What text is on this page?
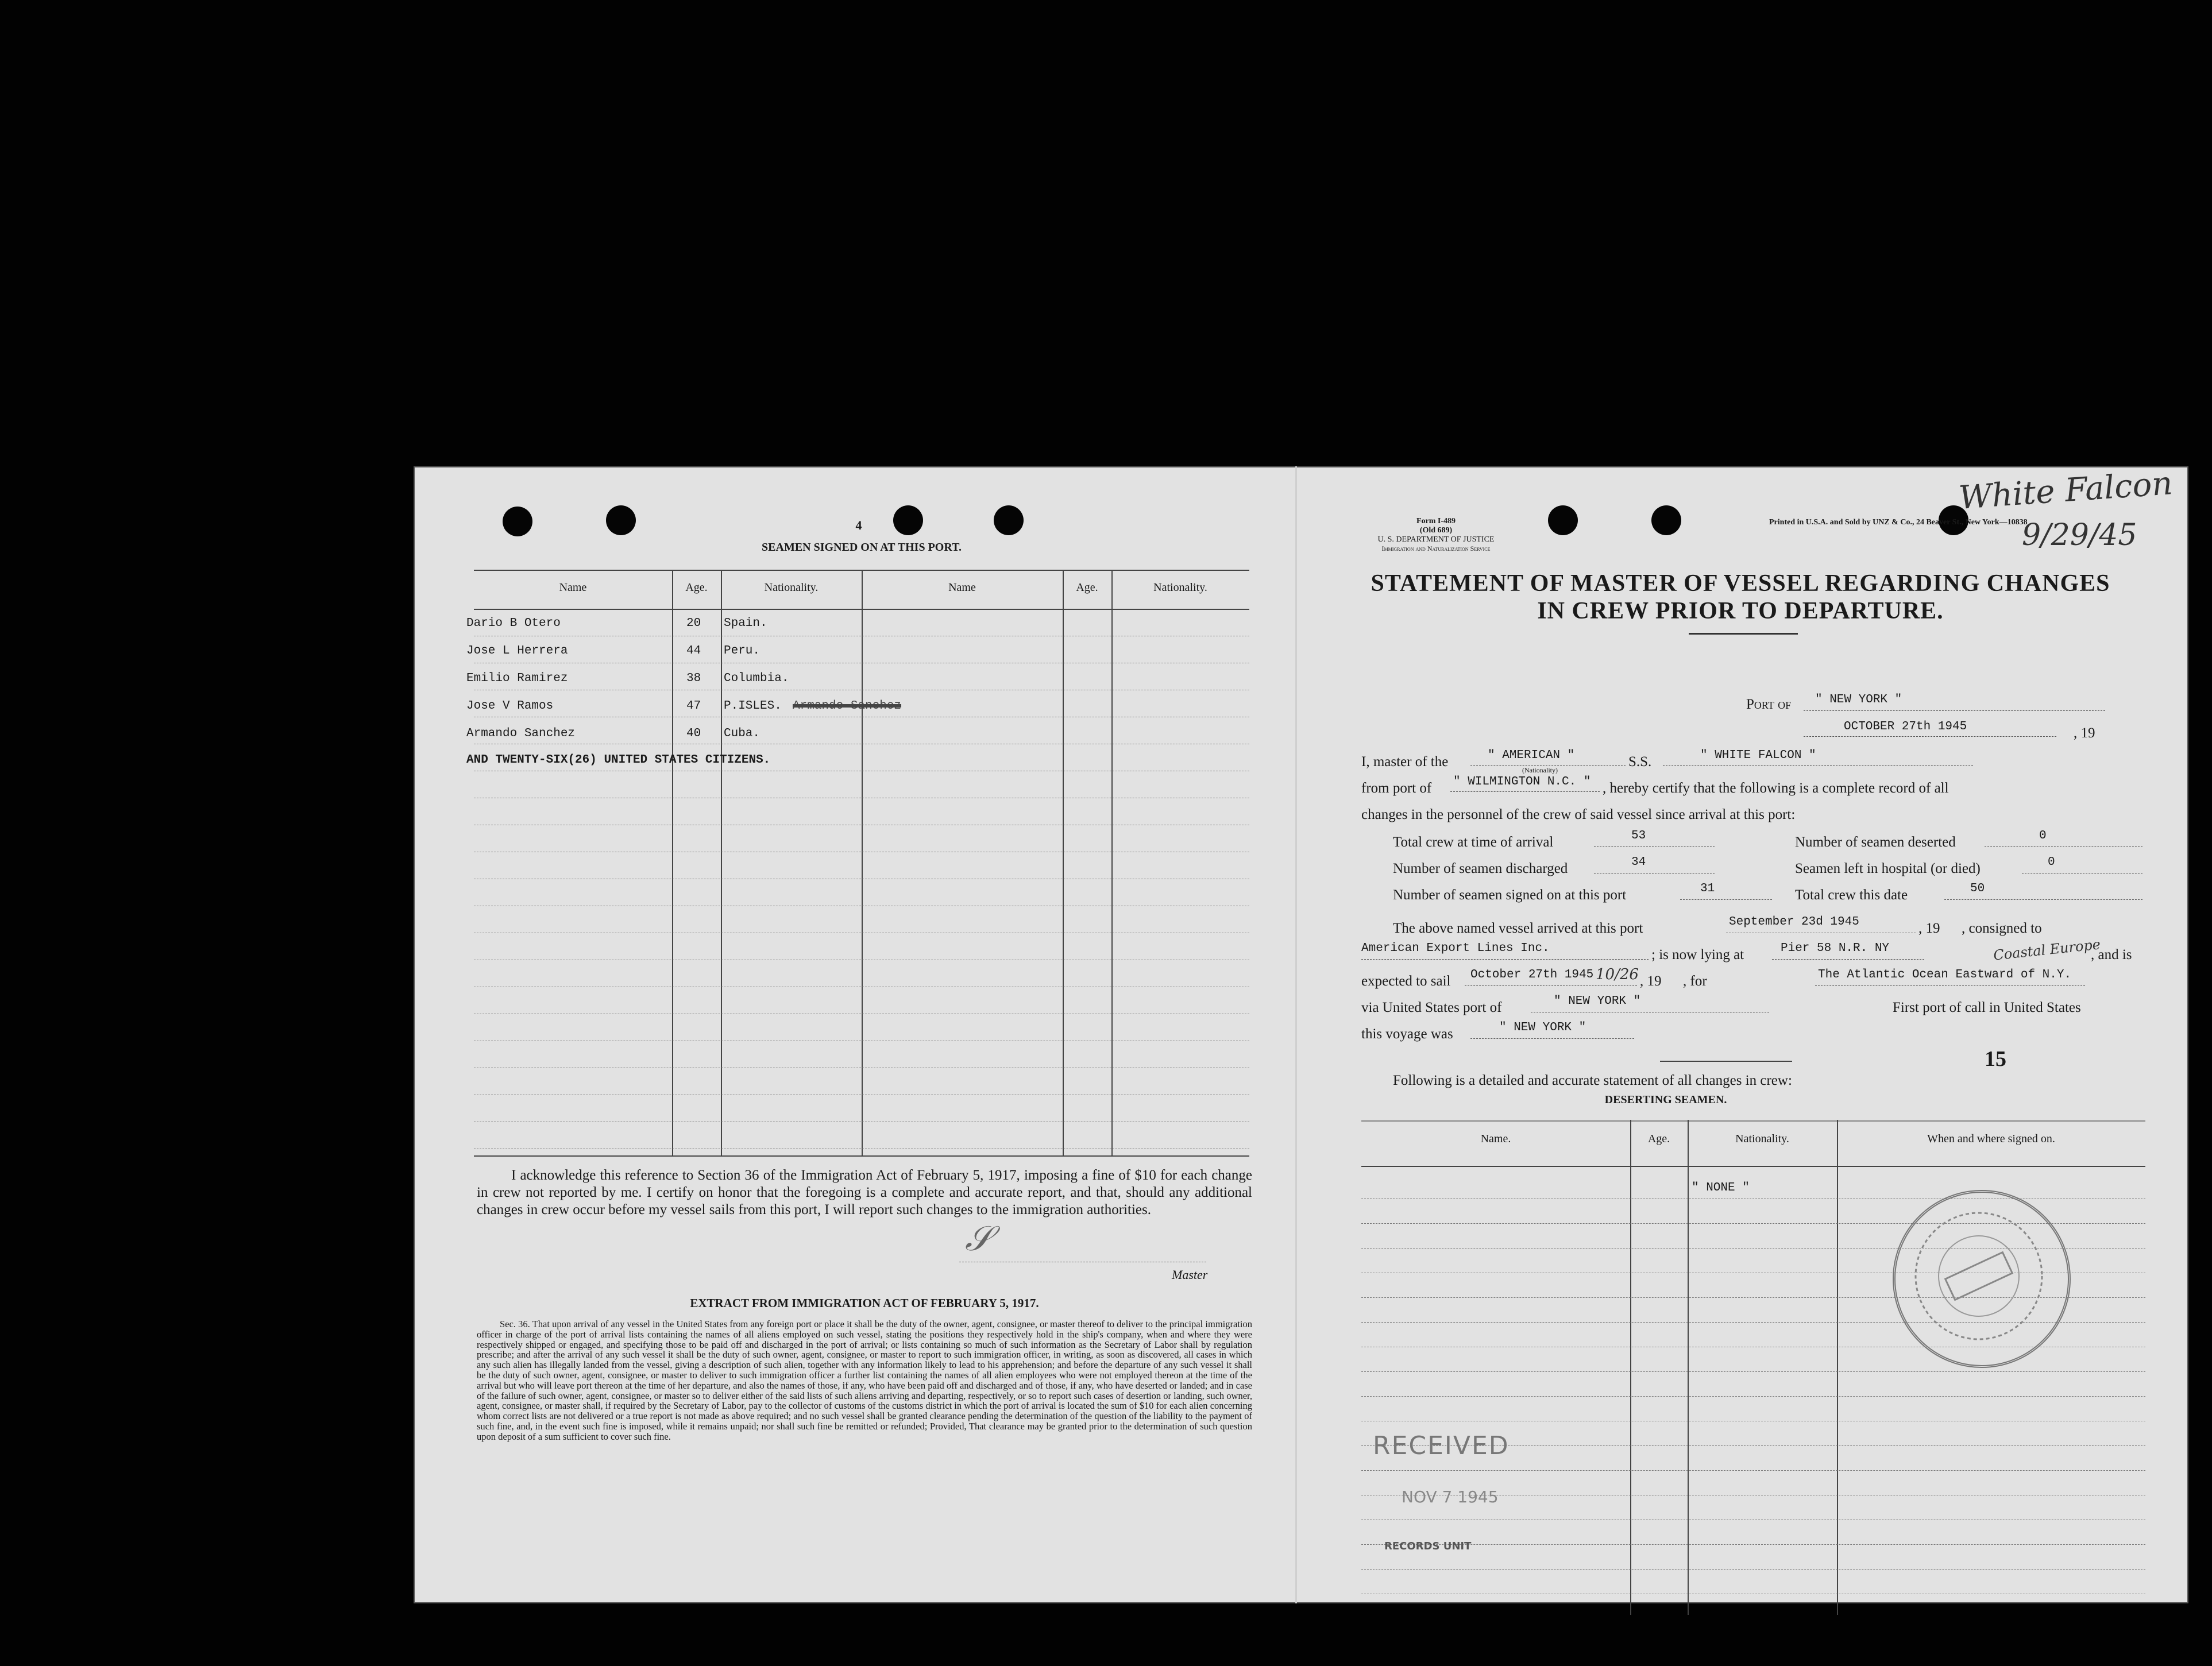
4
SEAMEN SIGNED ON AT THIS PORT.
Name	Age.	Nationality.	Name	Age.	Nationality.
Dario B Otero	20 Spain.
Jose L Herrera	44 Peru.
Emilio Ramirez	38 Columbia.
Jose V Ramos	47 P.ISLES. Armando Sanchez
Armando Sanchez	40 Cuba.
AND TWENTY-SIX(26) UNITED STATES CITIZENS.
I acknowledge this reference to Section 36 of the Immigration Act of February 5, 1917, imposing a fine of $10 for each change in crew not reported by me. I certify on honor that the foregoing is a complete and accurate report, and that, should any additional changes in crew occur before my vessel sails from this port, I will report such changes to the immigration authorities.
𝒮
Master
EXTRACT FROM IMMIGRATION ACT OF FEBRUARY 5, 1917.
Sec. 36. That upon arrival of any vessel in the United States from any foreign port or place it shall be the duty of the owner, agent, consignee, or master thereof to deliver to the principal immigration officer in charge of the port of arrival lists containing the names of all aliens employed on such vessel, stating the positions they respectively hold in the ship's company, when and where they were respectively shipped or engaged, and specifying those to be paid off and discharged in the port of arrival; or lists containing so much of such information as the Secretary of Labor shall by regulation prescribe; and after the arrival of any such vessel it shall be the duty of such owner, agent, consignee, or master to report to such immigration officer, in writing, as soon as discovered, all cases in which any such alien has illegally landed from the vessel, giving a description of such alien, together with any information likely to lead to his apprehension; and before the departure of any such vessel it shall be the duty of such owner, agent, consignee, or master to deliver to such immigration officer a further list containing the names of all alien employees who were not employed thereon at the time of the arrival but who will leave port thereon at the time of her departure, and also the names of those, if any, who have been paid off and discharged and of those, if any, who have deserted or landed; and in case of the failure of such owner, agent, consignee, or master so to deliver either of the said lists of such aliens arriving and departing, respectively, or so to report such cases of desertion or landing, such owner, agent, consignee, or master shall, if required by the Secretary of Labor, pay to the collector of customs of the customs district in which the port of arrival is located the sum of $10 for each alien concerning whom correct lists are not delivered or a true report is not made as above required; and no such vessel shall be granted clearance pending the determination of the question of the liability to the payment of such fine, and, in the event such fine is imposed, while it remains unpaid; nor shall such fine be remitted or refunded; Provided, That clearance may be granted prior to the determination of such question upon deposit of a sum sufficient to cover such fine.
Form I-489
(Old 689)
U. S. DEPARTMENT OF JUSTICE
Immigration and Naturalization Service
Printed in U.S.A. and Sold by UNZ & Co., 24 Beaver St., New York—10838
White Falcon
9/29/45
STATEMENT OF MASTER OF VESSEL REGARDING CHANGES
IN CREW PRIOR TO DEPARTURE.
Port of " NEW YORK "
OCTOBER 27th 1945	, 19
I, master of the	" AMERICAN "
(Nationality)
S.S.	" WHITE FALCON "
from port of " WILMINGTON N.C. " , hereby certify that the following is a complete record of all
changes in the personnel of the crew of said vessel since arrival at this port:
Total crew at time of arrival	53	Number of seamen deserted	0
Number of seamen discharged	34	Seamen left in hospital (or died)	0
Number of seamen signed on at this port	31	Total crew this date	50
The above named vessel arrived at this port	September 23d 1945	, 19      , consigned to
American Export Lines Inc.	; is now lying at	Pier 58 N.R. NY	, and is
Coastal Europe
expected to sail October 27th 1945 10/26 , 19      , for	The Atlantic Ocean Eastward of N.Y.
via United States port of	" NEW YORK "	First port of call in United States
this voyage was	" NEW YORK "
15
Following is a detailed and accurate statement of all changes in crew:
DESERTING SEAMEN.
Name.	Age.	Nationality.	When and where signed on.
" NONE "
RECEIVED
NOV 7 1945
RECORDS UNIT
